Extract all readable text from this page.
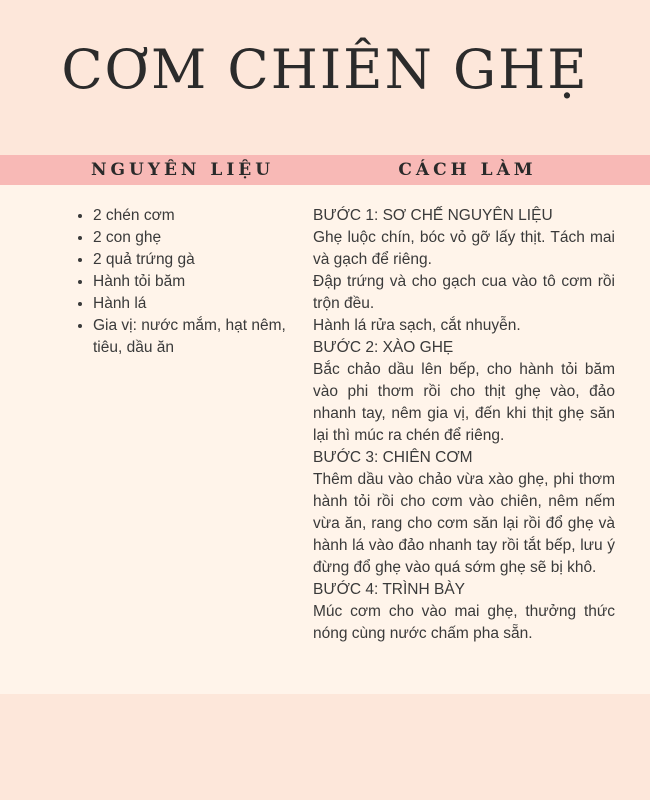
CƠM CHIÊN GHẸ
NGUYÊN LIỆU	CÁCH LÀM
• 2 chén cơm
• 2 con ghẹ
• 2 quả trứng gà
• Hành tỏi băm
• Hành lá
• Gia vị: nước mắm, hạt nêm, tiêu, dầu ăn
BƯỚC 1: SƠ CHẾ NGUYÊN LIỆU
Ghẹ luộc chín, bóc vỏ gỡ lấy thịt. Tách mai và gạch để riêng.
Đập trứng và cho gạch cua vào tô cơm rồi trộn đều.
Hành lá rửa sạch, cắt nhuyễn.
BƯỚC 2: XÀO GHẸ
Bắc chảo dầu lên bếp, cho hành tỏi băm vào phi thơm rồi cho thịt ghẹ vào, đảo nhanh tay, nêm gia vị, đến khi thịt ghẹ săn lại thì múc ra chén để riêng.
BƯỚC 3: CHIÊN CƠM
Thêm dầu vào chảo vừa xào ghẹ, phi thơm hành tỏi rồi cho cơm vào chiên, nêm nếm vừa ăn, rang cho cơm săn lại rồi đổ ghẹ và hành lá vào đảo nhanh tay rồi tắt bếp, lưu ý đừng đổ ghẹ vào quá sớm ghẹ sẽ bị khô.
BƯỚC 4: TRÌNH BÀY
Múc cơm cho vào mai ghẹ, thưởng thức nóng cùng nước chấm pha sẵn.
